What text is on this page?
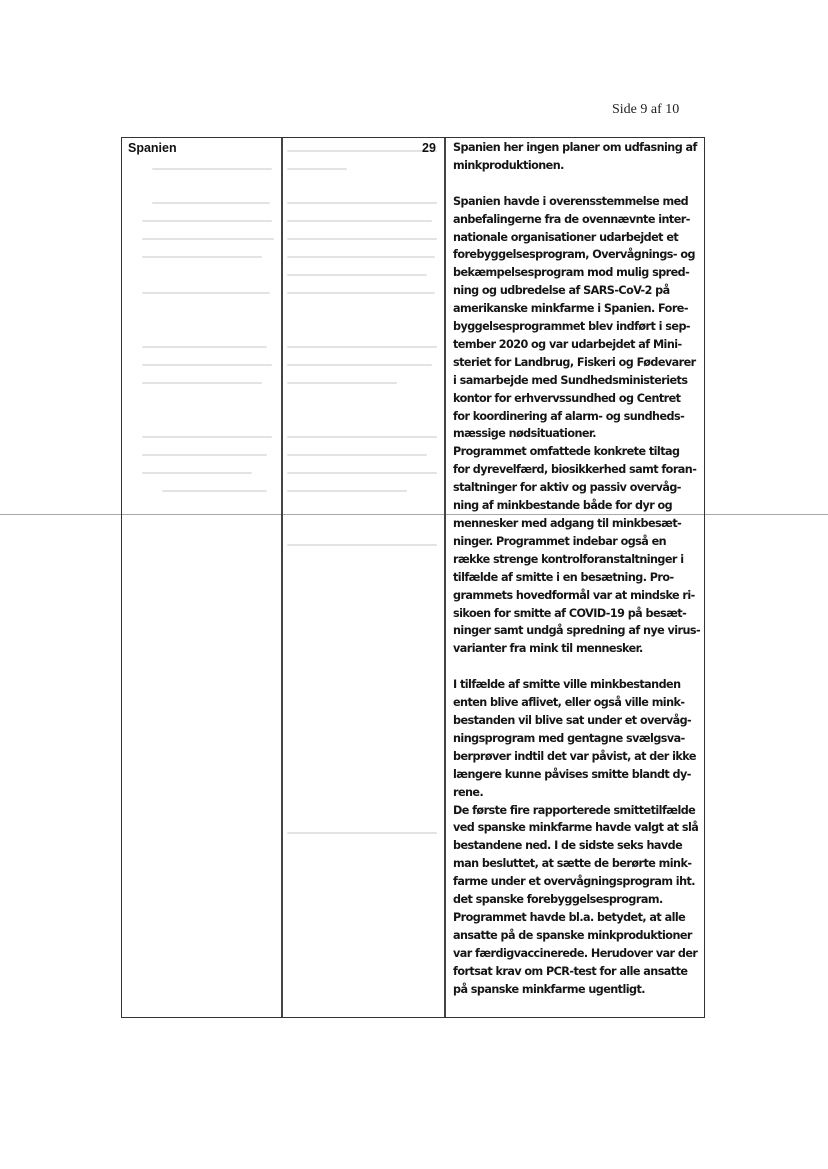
Side 9 af 10
Spanien	29 Spanien her ingen planer om udfasning af
minkproduktionen.
Spanien havde i overensstemmelse med
anbefalingerne fra de ovennævnte inter-
nationale organisationer udarbejdet et
forebyggelsesprogram, Overvågnings- og
bekæmpelsesprogram mod mulig spred-
ning og udbredelse af SARS-CoV-2 på
amerikanske minkfarme i Spanien. Fore-
byggelsesprogrammet blev indført i sep-
tember 2020 og var udarbejdet af Mini-
steriet for Landbrug, Fiskeri og Fødevarer
i samarbejde med Sundhedsministeriets
kontor for erhvervssundhed og Centret
for koordinering af alarm- og sundheds-
mæssige nødsituationer.
Programmet omfattede konkrete tiltag
for dyrevelfærd, biosikkerhed samt foran-
staltninger for aktiv og passiv overvåg-
ning af minkbestande både for dyr og
mennesker med adgang til minkbesæt-
ninger. Programmet indebar også en
række strenge kontrolforanstaltninger i
tilfælde af smitte i en besætning. Pro-
grammets hovedformål var at mindske ri-
sikoen for smitte af COVID-19 på besæt-
ninger samt undgå spredning af nye virus-
varianter fra mink til mennesker.
I tilfælde af smitte ville minkbestanden
enten blive aflivet, eller også ville mink-
bestanden vil blive sat under et overvåg-
ningsprogram med gentagne svælgsva-
berprøver indtil det var påvist, at der ikke
længere kunne påvises smitte blandt dy-
rene.
De første fire rapporterede smittetilfælde
ved spanske minkfarme havde valgt at slå
bestandene ned. I de sidste seks havde
man besluttet, at sætte de berørte mink-
farme under et overvågningsprogram iht.
det spanske forebyggelsesprogram.
Programmet havde bl.a. betydet, at alle
ansatte på de spanske minkproduktioner
var færdigvaccinerede. Herudover var der
fortsat krav om PCR-test for alle ansatte
på spanske minkfarme ugentligt.
